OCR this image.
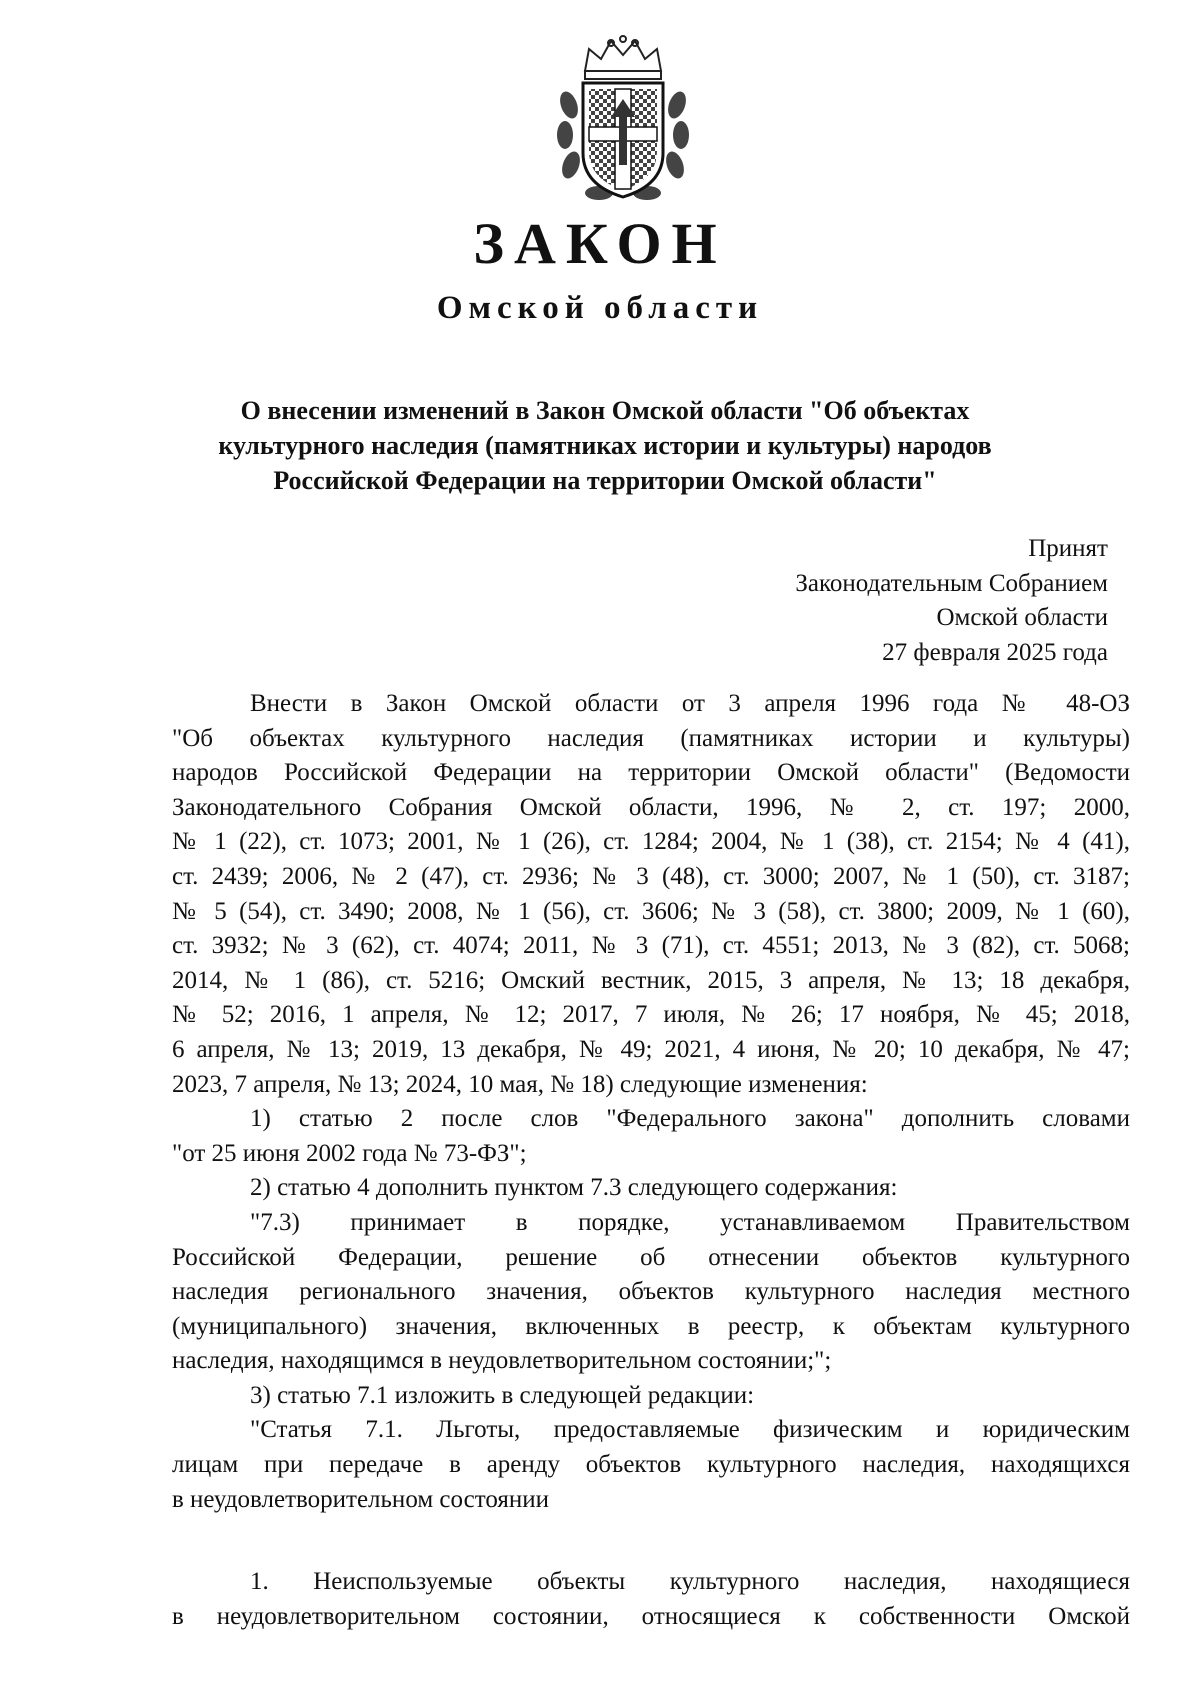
ЗАКОН
Омской области
О внесении изменений в Закон Омской области "Об объектах
культурного наследия (памятниках истории и культуры) народов
Российской Федерации на территории Омской области"
Принят
Законодательным Собранием
Омской области
27 февраля 2025 года
Внести в Закон Омской области от 3 апреля 1996 года № 48-ОЗ
"Об объектах культурного наследия (памятниках истории и культуры)
народов Российской Федерации на территории Омской области" (Ведомости
Законодательного Собрания Омской области, 1996, № 2, ст. 197; 2000,
№ 1 (22), ст. 1073; 2001, № 1 (26), ст. 1284; 2004, № 1 (38), ст. 2154; № 4 (41),
ст. 2439; 2006, № 2 (47), ст. 2936; № 3 (48), ст. 3000; 2007, № 1 (50), ст. 3187;
№ 5 (54), ст. 3490; 2008, № 1 (56), ст. 3606; № 3 (58), ст. 3800; 2009, № 1 (60),
ст. 3932; № 3 (62), ст. 4074; 2011, № 3 (71), ст. 4551; 2013, № 3 (82), ст. 5068;
2014, № 1 (86), ст. 5216; Омский вестник, 2015, 3 апреля, № 13; 18 декабря,
№ 52; 2016, 1 апреля, № 12; 2017, 7 июля, № 26; 17 ноября, № 45; 2018,
6 апреля, № 13; 2019, 13 декабря, № 49; 2021, 4 июня, № 20; 10 декабря, № 47;
2023, 7 апреля, № 13; 2024, 10 мая, № 18) следующие изменения:
1) статью 2 после слов "Федерального закона" дополнить словами
"от 25 июня 2002 года № 73-ФЗ";
2) статью 4 дополнить пунктом 7.3 следующего содержания:
"7.3) принимает в порядке, устанавливаемом Правительством
Российской Федерации, решение об отнесении объектов культурного
наследия регионального значения, объектов культурного наследия местного
(муниципального) значения, включенных в реестр, к объектам культурного
наследия, находящимся в неудовлетворительном состоянии;";
3) статью 7.1 изложить в следующей редакции:
"Статья 7.1. Льготы, предоставляемые физическим и юридическим
лицам при передаче в аренду объектов культурного наследия, находящихся
в неудовлетворительном состоянии
1. Неиспользуемые объекты культурного наследия, находящиеся
в неудовлетворительном состоянии, относящиеся к собственности Омской
